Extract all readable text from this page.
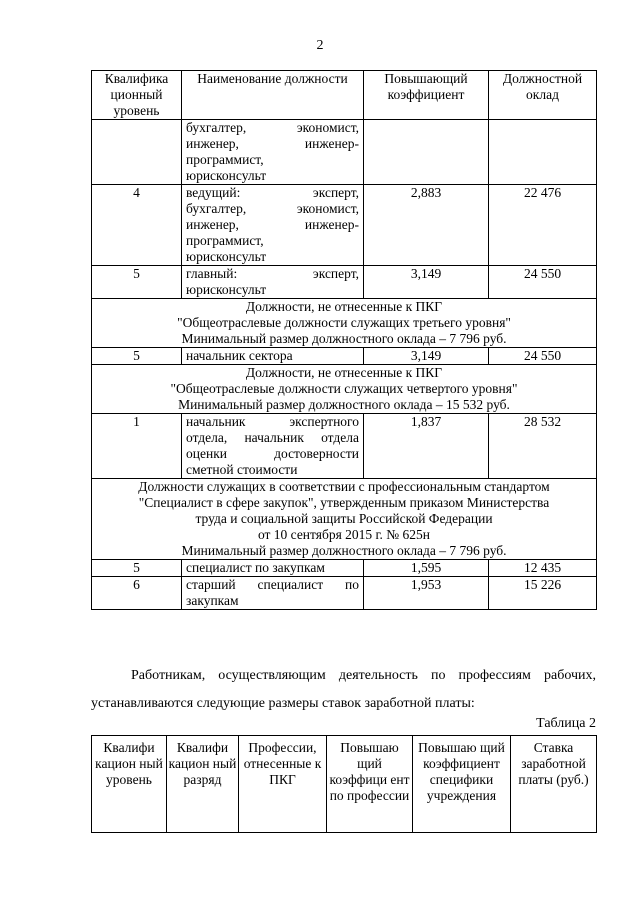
2
Квалифика ционный уровень	Наименование должности	Повышающий коэффициент	Должностной оклад

	бухгалтер, экономист,
инженер, инженер-
программист,
юрисконсульт		

4	ведущий: эксперт,
бухгалтер, экономист,
инженер, инженер-
программист,
юрисконсульт	2,883	22 476
5	главный: эксперт,
юрисконсульт	3,149	24 550

Должности, не отнесенные к ПКГ
"Общеотраслевые должности служащих третьего уровня"
Минимальный размер должностного оклада – 7 796 руб.			

5	начальник сектора	3,149	24 550

Должности, не отнесенные к ПКГ
"Общеотраслевые должности служащих четвертого уровня"
Минимальный размер должностного оклада – 15 532 руб.			

1	начальник экспертного
отдела, начальник отдела
оценки достоверности
сметной стоимости	1,837	28 532

Должности служащих в соответствии с профессиональным стандартом
"Специалист в сфере закупок", утвержденным приказом Министерства
труда и социальной защиты Российской Федерации
от 10 сентября 2015 г. № 625н
Минимальный размер должностного оклада – 7 796 руб.			

5	специалист по закупкам	1,595	12 435
6	старший специалист по
закупкам	1,953	15 226
Работникам, осуществляющим деятельность по профессиям рабочих, устанавливаются следующие размеры ставок заработной платы:
Таблица 2
Квалифи кацион ный уровень	Квалифи кацион ный разряд	Профессии, отнесенные к ПКГ	Повышаю щий коэффици ент по профессии	Повышаю щий коэффициент специфики учреждения	Ставка заработной платы (руб.)
